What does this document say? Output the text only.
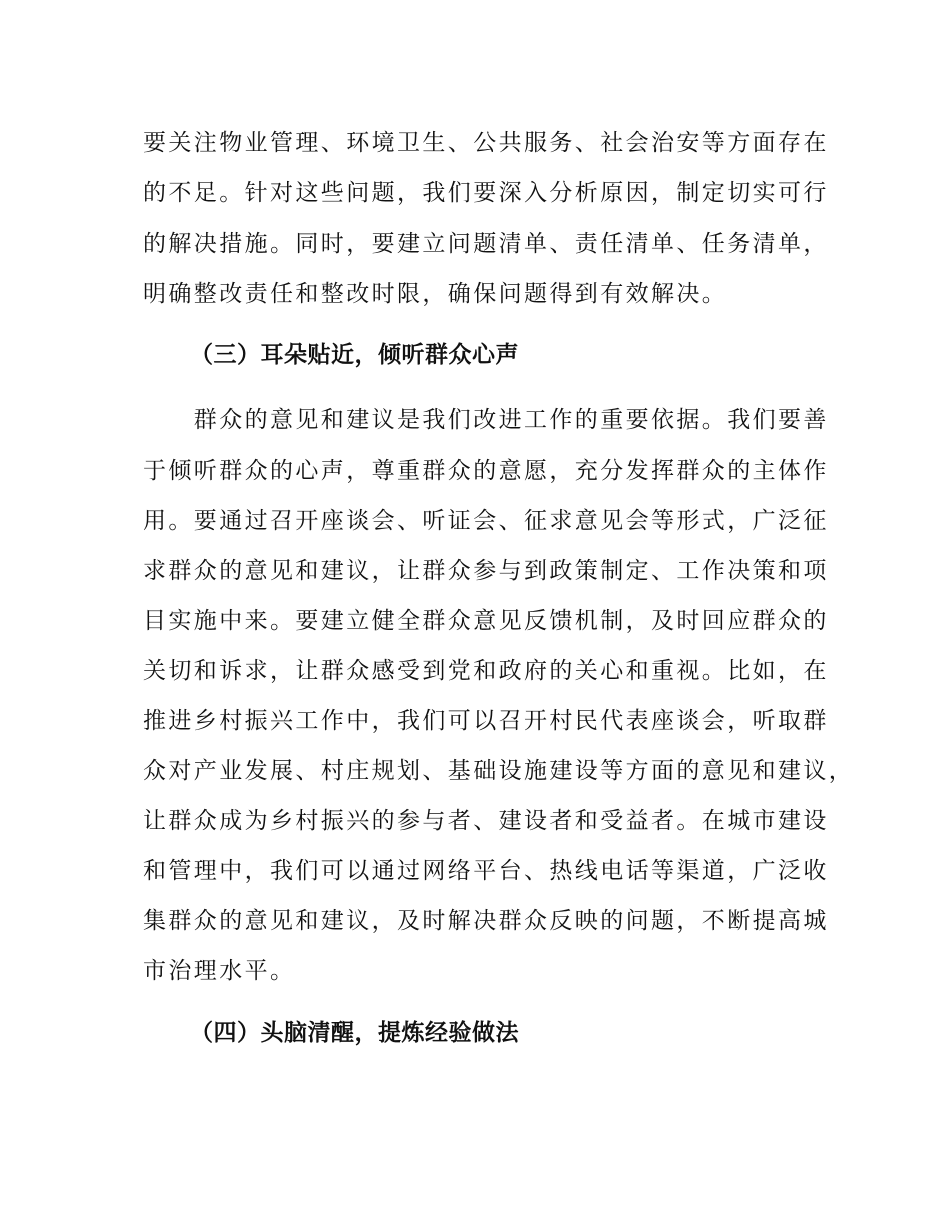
要关注物业管理、环境卫生、公共服务、社会治安等方面存在
的不足。针对这些问题，我们要深入分析原因，制定切实可行
的解决措施。同时，要建立问题清单、责任清单、任务清单，
明确整改责任和整改时限，确保问题得到有效解决。
（三）耳朵贴近，倾听群众心声
　　群众的意见和建议是我们改进工作的重要依据。我们要善
于倾听群众的心声，尊重群众的意愿，充分发挥群众的主体作
用。要通过召开座谈会、听证会、征求意见会等形式，广泛征
求群众的意见和建议，让群众参与到政策制定、工作决策和项
目实施中来。要建立健全群众意见反馈机制，及时回应群众的
关切和诉求，让群众感受到党和政府的关心和重视。比如，在
推进乡村振兴工作中，我们可以召开村民代表座谈会，听取群
众对产业发展、村庄规划、基础设施建设等方面的意见和建议，
让群众成为乡村振兴的参与者、建设者和受益者。在城市建设
和管理中，我们可以通过网络平台、热线电话等渠道，广泛收
集群众的意见和建议，及时解决群众反映的问题，不断提高城
市治理水平。
（四）头脑清醒，提炼经验做法
